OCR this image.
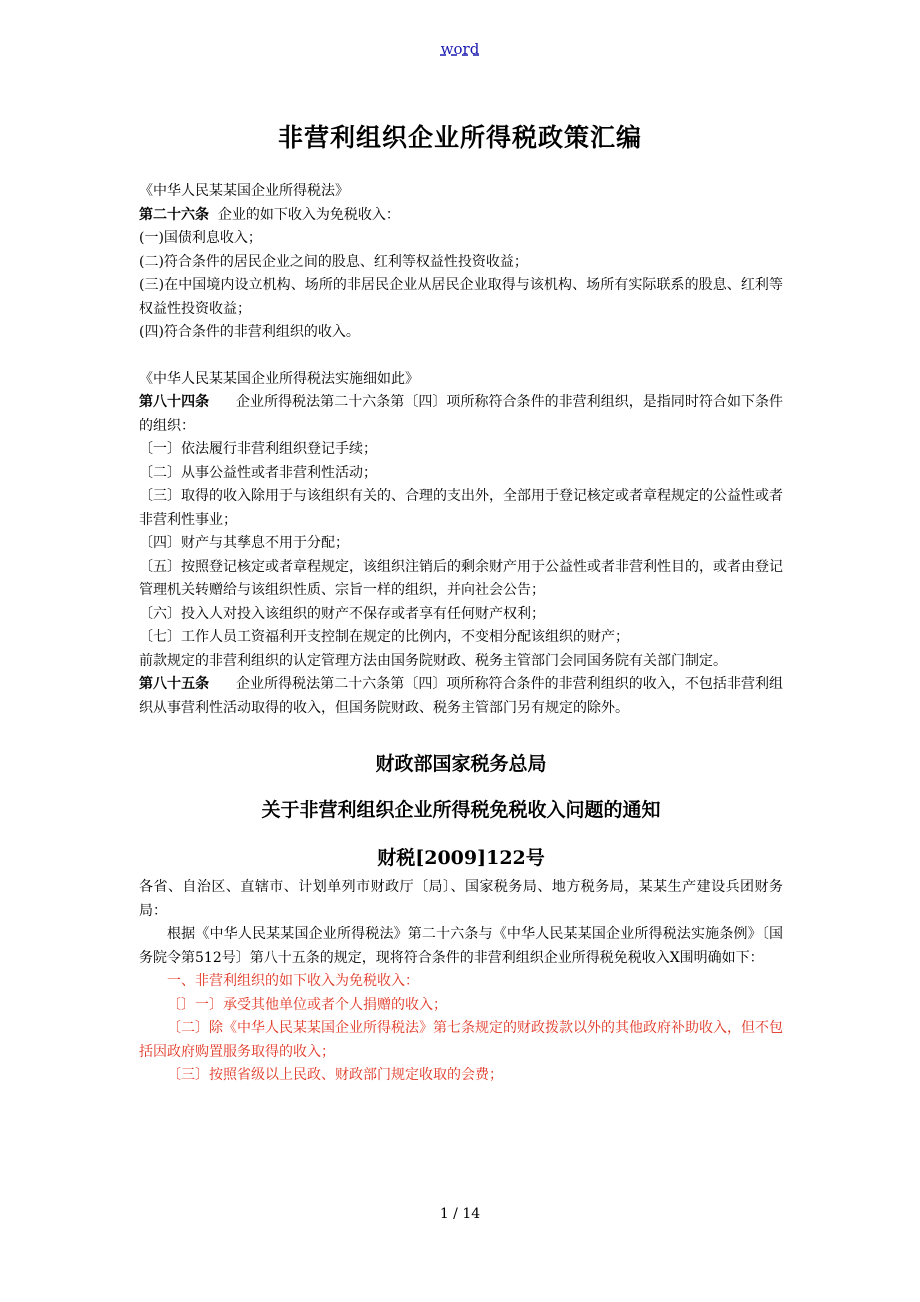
word
非营利组织企业所得税政策汇编

《中华人民某某国企业所得税法》

第二十六条 企业的如下收入为免税收入：

(一)国债利息收入；

(二)符合条件的居民企业之间的股息、红利等权益性投资收益；

(三)在中国境内设立机构、场所的非居民企业从居民企业取得与该机构、场所有实际联系的股息、红利等权益性投资收益；

(四)符合条件的非营利组织的收入。

《中华人民某某国企业所得税法实施细如此》

第八十四条 企业所得税法第二十六条第〔四〕项所称符合条件的非营利组织，是指同时符合如下条件的组织：

〔一〕依法履行非营利组织登记手续；

〔二〕从事公益性或者非营利性活动；

〔三〕取得的收入除用于与该组织有关的、合理的支出外，全部用于登记核定或者章程规定的公益性或者非营利性事业；

〔四〕财产与其孳息不用于分配；

〔五〕按照登记核定或者章程规定，该组织注销后的剩余财产用于公益性或者非营利性目的，或者由登记管理机关转赠给与该组织性质、宗旨一样的组织，并向社会公告；

〔六〕投入人对投入该组织的财产不保存或者享有任何财产权利；

〔七〕工作人员工资福利开支控制在规定的比例内，不变相分配该组织的财产；

前款规定的非营利组织的认定管理方法由国务院财政、税务主管部门会同国务院有关部门制定。

第八十五条 企业所得税法第二十六条第〔四〕项所称符合条件的非营利组织的收入，不包括非营利组织从事营利性活动取得的收入，但国务院财政、税务主管部门另有规定的除外。

财政部国家税务总局

关于非营利组织企业所得税免税收入问题的通知

财税[2009]122号

各省、自治区、直辖市、计划单列市财政厅〔局〕、国家税务局、地方税务局，某某生产建设兵团财务局：

根据《中华人民某某国企业所得税法》第二十六条与《中华人民某某国企业所得税法实施条例》〔国务院令第512号〕第八十五条的规定，现将符合条件的非营利组织企业所得税免税收入X围明确如下：

一、非营利组织的如下收入为免税收入：

〔〕一〕承受其他单位或者个人捐赠的收入；

〔二〕除《中华人民某某国企业所得税法》第七条规定的财政拨款以外的其他政府补助收入，但不包括因政府购置服务取得的收入；

〔三〕按照省级以上民政、财政部门规定收取的会费；

1 / 14
